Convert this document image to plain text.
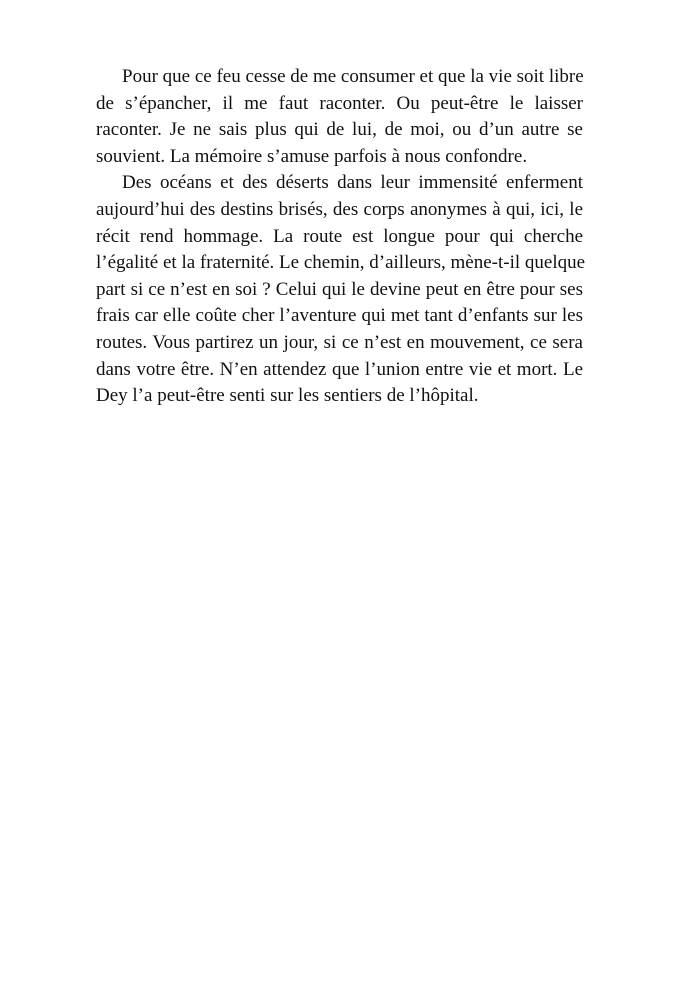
Pour que ce feu cesse de me consumer et que la vie soit libre
de s’épancher, il me faut raconter. Ou peut-être le laisser
raconter. Je ne sais plus qui de lui, de moi, ou d’un autre se
souvient. La mémoire s’amuse parfois à nous confondre.
Des océans et des déserts dans leur immensité enferment
aujourd’hui des destins brisés, des corps anonymes à qui, ici, le
récit rend hommage. La route est longue pour qui cherche
l’égalité et la fraternité. Le chemin, d’ailleurs, mène-t-il quelque
part si ce n’est en soi ? Celui qui le devine peut en être pour ses
frais car elle coûte cher l’aventure qui met tant d’enfants sur les
routes. Vous partirez un jour, si ce n’est en mouvement, ce sera
dans votre être. N’en attendez que l’union entre vie et mort. Le
Dey l’a peut-être senti sur les sentiers de l’hôpital.
